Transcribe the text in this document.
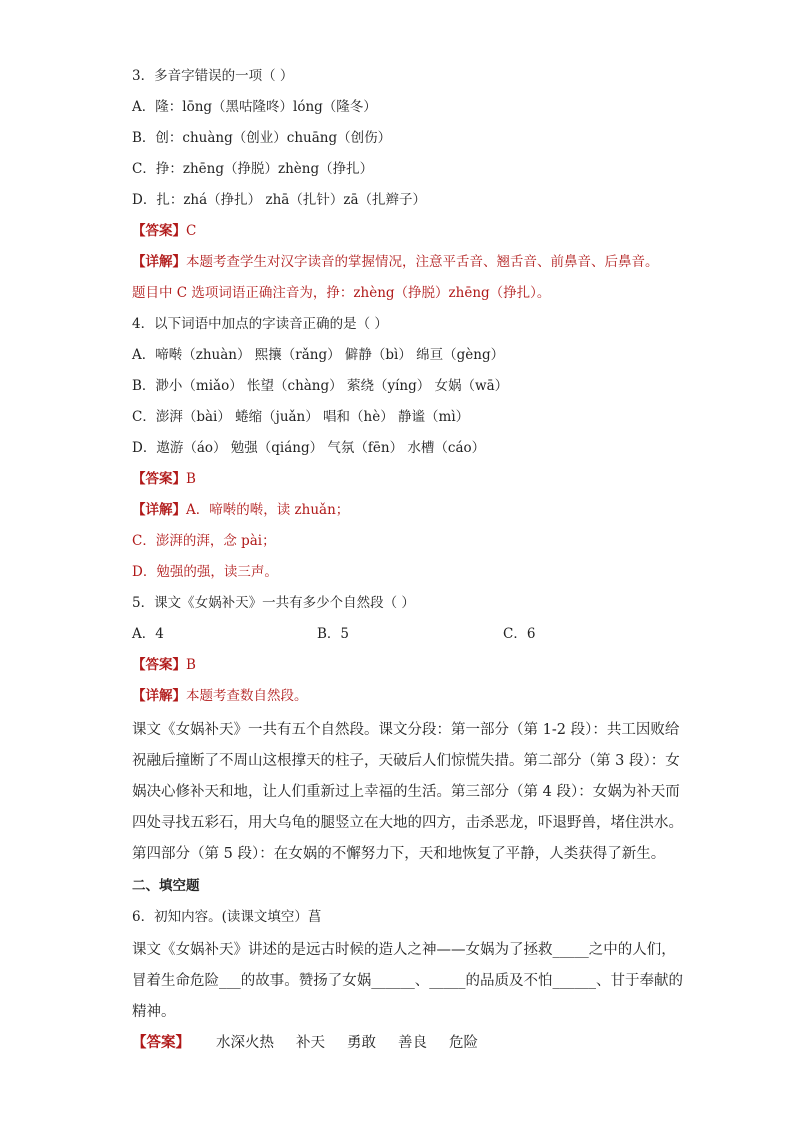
3．多音字错误的一项（ ）
A．隆：lōng（黑咕隆咚）lóng（隆冬）
B．创：chuàng（创业）chuāng（创伤）
C．挣：zhēng（挣脱）zhèng（挣扎）
D．扎：zhá（挣扎） zhā（扎针）zā（扎辫子）
【答案】C
【详解】本题考查学生对汉字读音的掌握情况，注意平舌音、翘舌音、前鼻音、后鼻音。
题目中 C 选项词语正确注音为，挣：zhèng（挣脱）zhēng（挣扎）。
4．以下词语中加点的字读音正确的是（ ）
A．啼啭（zhuàn） 熙攘（rǎng） 僻静（bì） 绵亘（gèng）
B．渺小（miǎo） 怅望（chàng） 萦绕（yíng） 女娲（wā）
C．澎湃（bài） 蜷缩（juǎn） 唱和（hè） 静谧（mì）
D．遨游（áo） 勉强（qiáng） 气氛（fēn） 水槽（cáo）
【答案】B
【详解】A．啼啭的啭，读 zhuǎn；
C．澎湃的湃，念 pài；
D．勉强的强，读三声。
5．课文《女娲补天》一共有多少个自然段（ ）
A．4	B．5	C．6
【答案】B
【详解】本题考查数自然段。
课文《女娲补天》一共有五个自然段。课文分段：第一部分（第 1-2 段）：共工因败给
祝融后撞断了不周山这根撑天的柱子，天破后人们惊慌失措。第二部分（第 3 段）：女
娲决心修补天和地，让人们重新过上幸福的生活。第三部分（第 4 段）：女娲为补天而
四处寻找五彩石，用大乌龟的腿竖立在大地的四方，击杀恶龙，吓退野兽，堵住洪水。
第四部分（第 5 段）：在女娲的不懈努力下，天和地恢复了平静，人类获得了新生。
二、填空题
6．初知内容。(读课文填空）菖
课文《女娲补天》讲述的是远古时候的造人之神——女娲为了拯救_____之中的人们，
冒着生命危险___的故事。赞扬了女娲______、_____的品质及不怕______、甘于奉献的
精神。
【答案】 水深火热 补天 勇敢 善良 危险
